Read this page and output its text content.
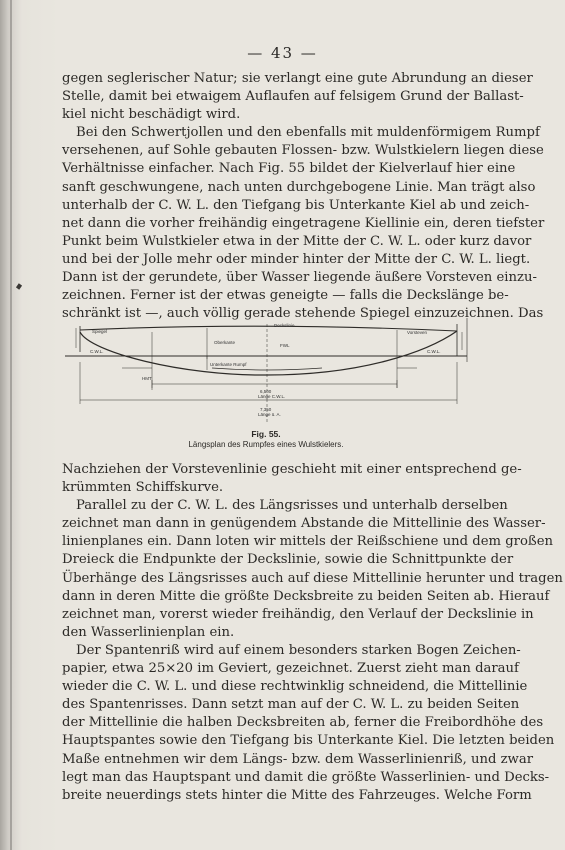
— 43 —
gegen seglerischer Natur; sie verlangt eine gute Abrundung an dieser
Stelle, damit bei etwaigem Auflaufen auf felsigem Grund der Ballast-
kiel nicht beschädigt wird.
Bei den Schwertjollen und den ebenfalls mit muldenförmigem Rumpf
versehenen, auf Sohle gebauten Flossen- bzw. Wulstkielern liegen diese
Verhältnisse einfacher. Nach Fig. 55 bildet der Kielverlauf hier eine
sanft geschwungene, nach unten durchgebogene Linie. Man trägt also
unterhalb der C. W. L. den Tiefgang bis Unterkante Kiel ab und zeich-
net dann die vorher freihändig eingetragene Kiellinie ein, deren tiefster
Punkt beim Wulstkieler etwa in der Mitte der C. W. L. oder kurz davor
und bei der Jolle mehr oder minder hinter der Mitte der C. W. L. liegt.
Dann ist der gerundete, über Wasser liegende äußere Vorsteven einzu-
zeichnen. Ferner ist der etwas geneigte — falls die Deckslänge be-
schränkt ist —, auch völlig gerade stehende Spiegel einzuzeichnen. Das
Spiegel
Deckslinie
Vorsteven
C.W.L.	C.W.L.
FWL
Oberkante
Unterkante Rumpf
HMT
6,500
Länge C.W.L.
7,350
Länge ü. A.
Fig. 55.
Längsplan des Rumpfes eines Wulstkielers.
Nachziehen der Vorstevenlinie geschieht mit einer entsprechend ge-
krümmten Schiffskurve.
Parallel zu der C. W. L. des Längsrisses und unterhalb derselben
zeichnet man dann in genügendem Abstande die Mittellinie des Wasser-
linienplanes ein. Dann loten wir mittels der Reißschiene und dem großen
Dreieck die Endpunkte der Deckslinie, sowie die Schnittpunkte der
Überhänge des Längsrisses auch auf diese Mittellinie herunter und tragen
dann in deren Mitte die größte Decksbreite zu beiden Seiten ab. Hierauf
zeichnet man, vorerst wieder freihändig, den Verlauf der Deckslinie in
den Wasserlinienplan ein.
Der Spantenriß wird auf einem besonders starken Bogen Zeichen-
papier, etwa 25×20 im Geviert, gezeichnet. Zuerst zieht man darauf
wieder die C. W. L. und diese rechtwinklig schneidend, die Mittellinie
des Spantenrisses. Dann setzt man auf der C. W. L. zu beiden Seiten
der Mittellinie die halben Decksbreiten ab, ferner die Freibordhöhe des
Hauptspantes sowie den Tiefgang bis Unterkante Kiel. Die letzten beiden
Maße entnehmen wir dem Längs- bzw. dem Wasserlinienriß, und zwar
legt man das Hauptspant und damit die größte Wasserlinien- und Decks-
breite neuerdings stets hinter die Mitte des Fahrzeuges. Welche Form
